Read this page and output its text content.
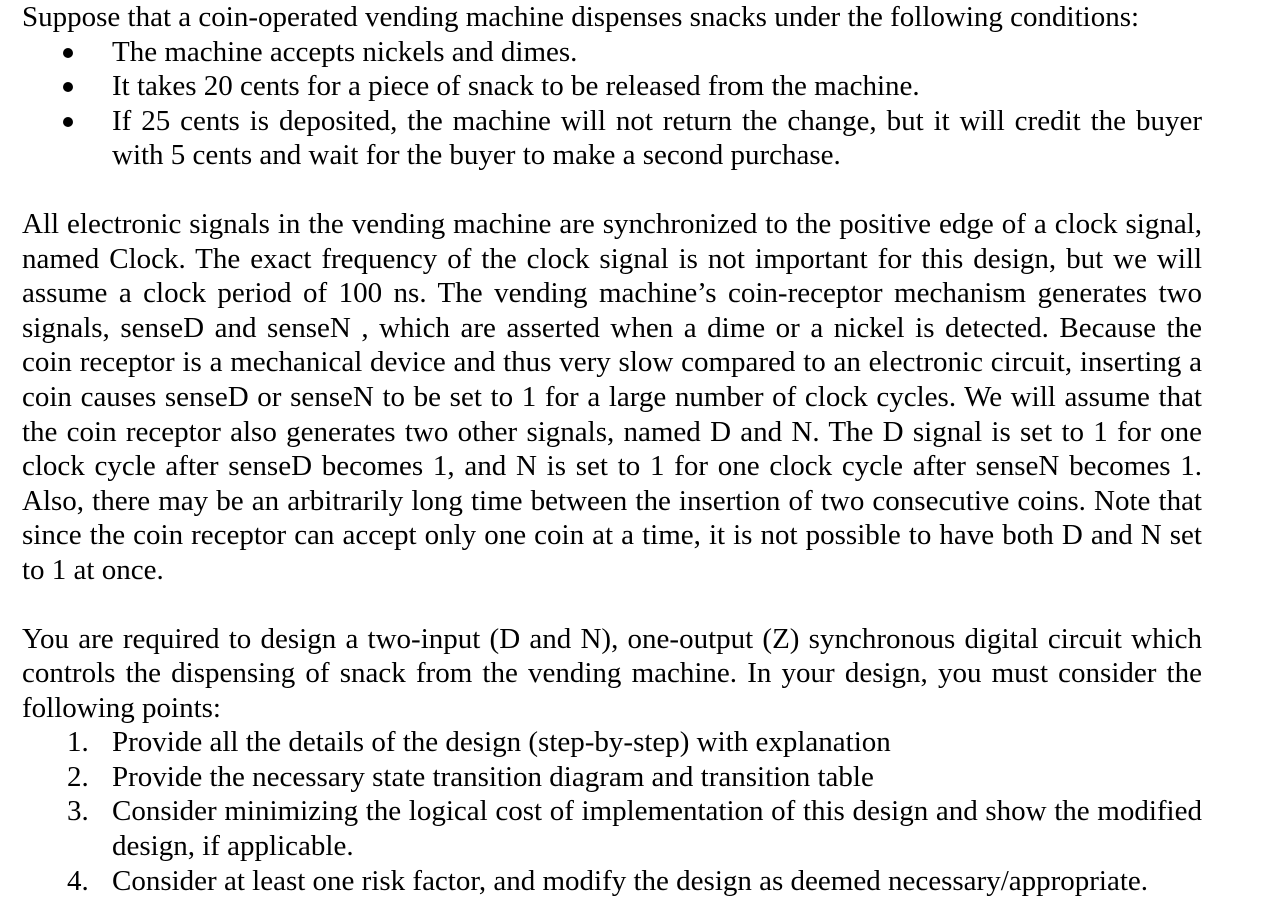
Suppose that a coin-operated vending machine dispenses snacks under the following conditions:

The machine accepts nickels and dimes.
It takes 20 cents for a piece of snack to be released from the machine.
If 25 cents is deposited, the machine will not return the change, but it will credit the buyer with 5 cents and wait for the buyer to make a second purchase.

All electronic signals in the vending machine are synchronized to the positive edge of a clock signal, named Clock. The exact frequency of the clock signal is not important for this design, but we will assume a clock period of 100 ns. The vending machine’s coin-receptor mechanism generates two signals, senseD and senseN , which are asserted when a dime or a nickel is detected. Because the coin receptor is a mechanical device and thus very slow compared to an electronic circuit, inserting a coin causes senseD or senseN to be set to 1 for a large number of clock cycles. We will assume that the coin receptor also generates two other signals, named D and N. The D signal is set to 1 for one clock cycle after senseD becomes 1, and N is set to 1 for one clock cycle after senseN becomes 1. Also, there may be an arbitrarily long time between the insertion of two consecutive coins. Note that since the coin receptor can accept only one coin at a time, it is not possible to have both D and N set to 1 at once.

You are required to design a two-input (D and N), one-output (Z) synchronous digital circuit which controls the dispensing of snack from the vending machine. In your design, you must consider the following points:

1. Provide all the details of the design (step-by-step) with explanation
2. Provide the necessary state transition diagram and transition table
3. Consider minimizing the logical cost of implementation of this design and show the modified design, if applicable.
4. Consider at least one risk factor, and modify the design as deemed necessary/appropriate.
